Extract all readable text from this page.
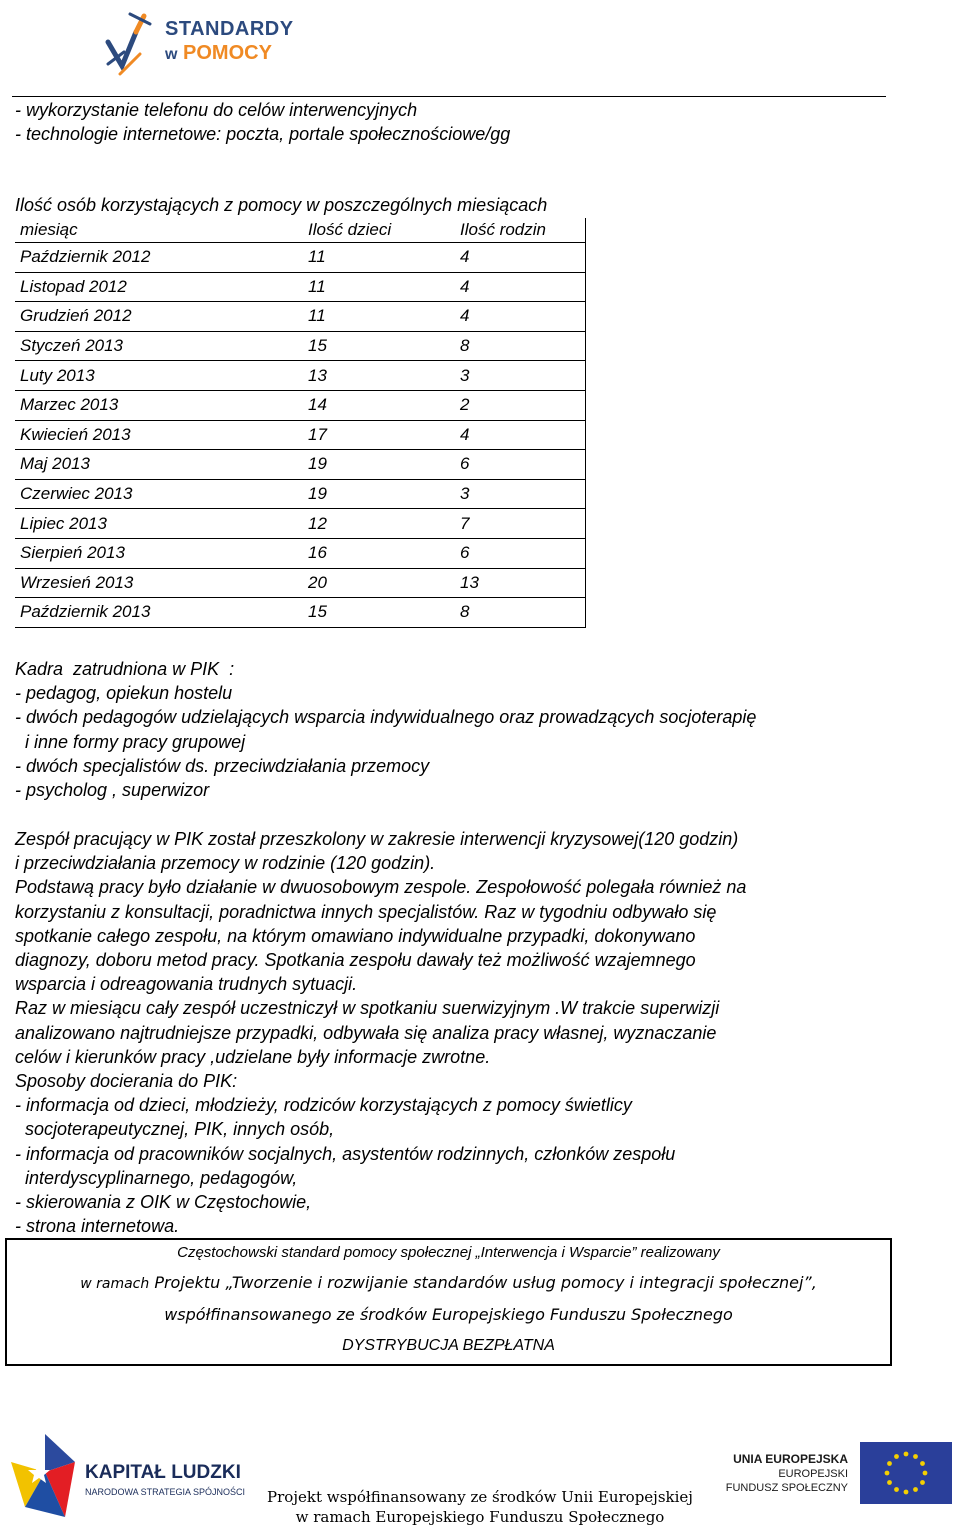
STANDARDY
w POMOCY
- wykorzystanie telefonu do celów interwencyjnych
- technologie internetowe: poczta, portale społecznościowe/gg
Ilość osób korzystających z pomocy w poszczególnych miesiącach
miesiąc	Ilość dzieci	Ilość rodzin
Październik 2012	11	4
Listopad 2012	11	4
Grudzień 2012	11	4
Styczeń 2013	15	8
Luty 2013	13	3
Marzec 2013	14	2
Kwiecień 2013	17	4
Maj 2013	19	6
Czerwiec 2013	19	3
Lipiec 2013	12	7
Sierpień 2013	16	6
Wrzesień 2013	20	13
Październik 2013	15	8
Kadra  zatrudniona w PIK  :
- pedagog, opiekun hostelu
- dwóch pedagogów udzielających wsparcia indywidualnego oraz prowadzących socjoterapię
i inne formy pracy grupowej
- dwóch specjalistów ds. przeciwdziałania przemocy
- psycholog , superwizor
Zespół pracujący w PIK został przeszkolony w zakresie interwencji kryzysowej(120 godzin)
i przeciwdziałania przemocy w rodzinie (120 godzin).
Podstawą pracy było działanie w dwuosobowym zespole. Zespołowość polegała również na
korzystaniu z konsultacji, poradnictwa innych specjalistów. Raz w tygodniu odbywało się
spotkanie całego zespołu, na którym omawiano indywidualne przypadki, dokonywano
diagnozy, doboru metod pracy. Spotkania zespołu dawały też możliwość wzajemnego
wsparcia i odreagowania trudnych sytuacji.
Raz w miesiącu cały zespół uczestniczył w spotkaniu suerwizyjnym .W trakcie superwizji
analizowano najtrudniejsze przypadki, odbywała się analiza pracy własnej, wyznaczanie
celów i kierunków pracy ,udzielane były informacje zwrotne.
Sposoby docierania do PIK:
- informacja od dzieci, młodzieży, rodziców korzystających z pomocy świetlicy
socjoterapeutycznej, PIK, innych osób,
- informacja od pracowników socjalnych, asystentów rodzinnych, członków zespołu
interdyscyplinarnego, pedagogów,
- skierowania z OIK w Częstochowie,
- strona internetowa.
Częstochowski standard pomocy społecznej „Interwencja i Wsparcie” realizowany
w ramach Projektu „Tworzenie i rozwijanie standardów usług pomocy i integracji społecznej”,
współfinansowanego ze środków Europejskiego Funduszu Społecznego
DYSTRYBUCJA BEZPŁATNA
KAPITAŁ LUDZKI
NARODOWA STRATEGIA SPÓJNOŚCI
UNIA EUROPEJSKA
EUROPEJSKI
FUNDUSZ SPOŁECZNY
Projekt współfinansowany ze środków Unii Europejskiej
w ramach Europejskiego Funduszu Społecznego
